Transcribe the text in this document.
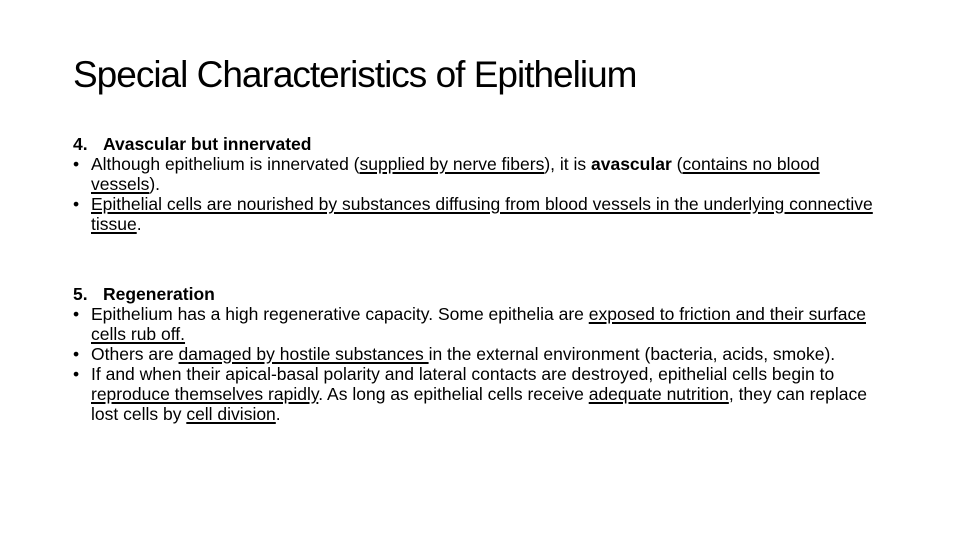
Special Characteristics of Epithelium

4. Avascular but innervated

• Although epithelium is innervated (supplied by nerve fibers), it is avascular (contains no blood vessels).

• Epithelial cells are nourished by substances diffusing from blood vessels in the underlying connective tissue.

5. Regeneration

• Epithelium has a high regenerative capacity. Some epithelia are exposed to friction and their surface cells rub off.

• Others are damaged by hostile substances in the external environment (bacteria, acids, smoke).

• If and when their apical-basal polarity and lateral contacts are destroyed, epithelial cells begin to reproduce themselves rapidly. As long as epithelial cells receive adequate nutrition, they can replace lost cells by cell division.
